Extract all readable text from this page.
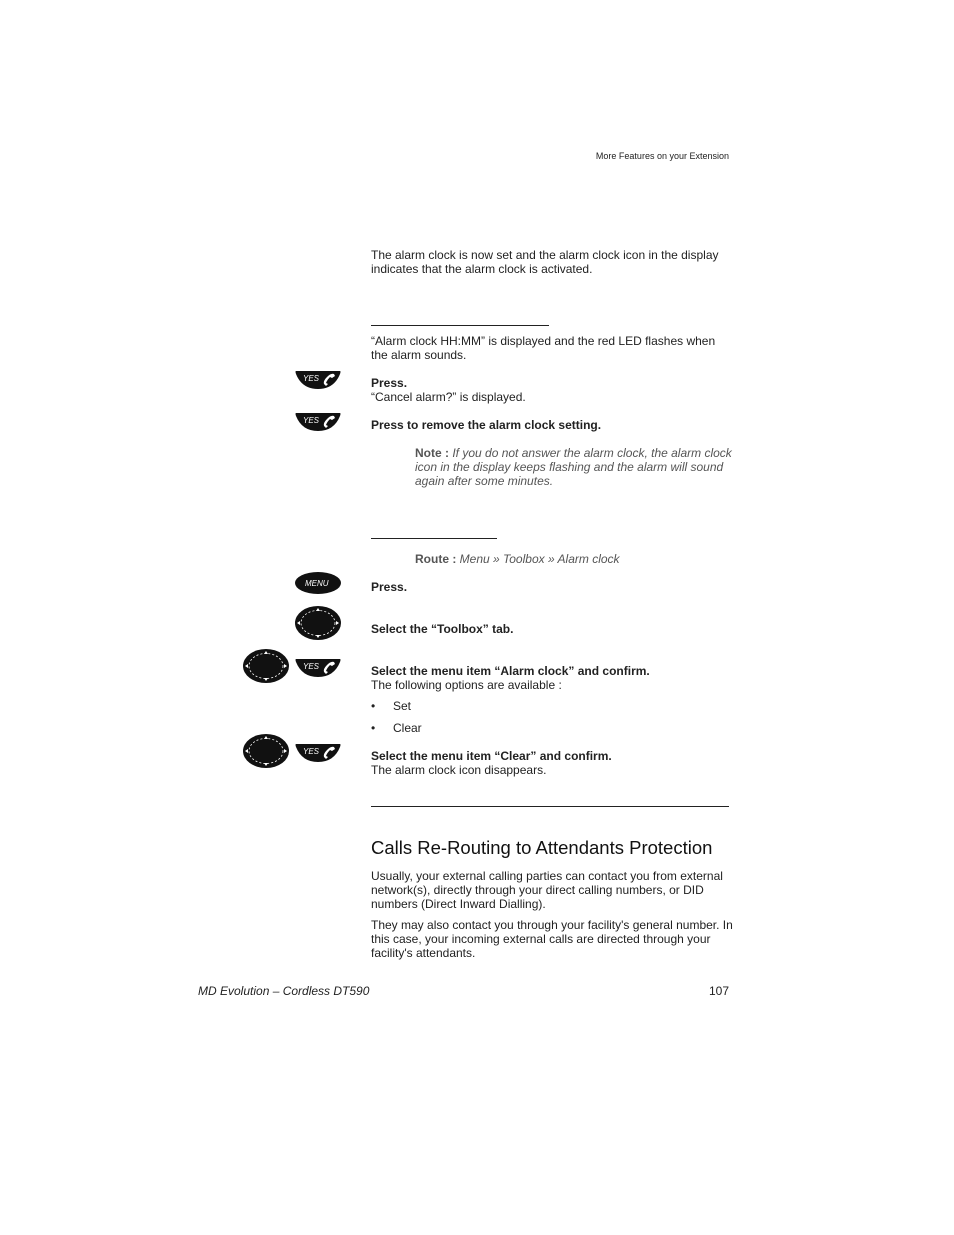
More Features on your Extension
The alarm clock is now set and the alarm clock icon in the display indicates that the alarm clock is activated.
“Alarm clock HH:MM” is displayed and the red LED flashes when the alarm sounds.
YES	Press.
“Cancel alarm?” is displayed.
YES	Press to remove the alarm clock setting.
Note : If you do not answer the alarm clock, the alarm clock icon in the display keeps flashing and the alarm will sound again after some minutes.
Route : Menu » Toolbox » Alarm clock
MENU	Press.
Select the “Toolbox” tab.
YES	Select the menu item “Alarm clock” and confirm.
The following options are available :
• Set
• Clear
YES	Select the menu item “Clear” and confirm.
The alarm clock icon disappears.
Calls Re-Routing to Attendants Protection
Usually, your external calling parties can contact you from external network(s), directly through your direct calling numbers, or DID numbers (Direct Inward Dialling).
They may also contact you through your facility's general number. In this case, your incoming external calls are directed through your facility's attendants.
MD Evolution – Cordless DT590	107
